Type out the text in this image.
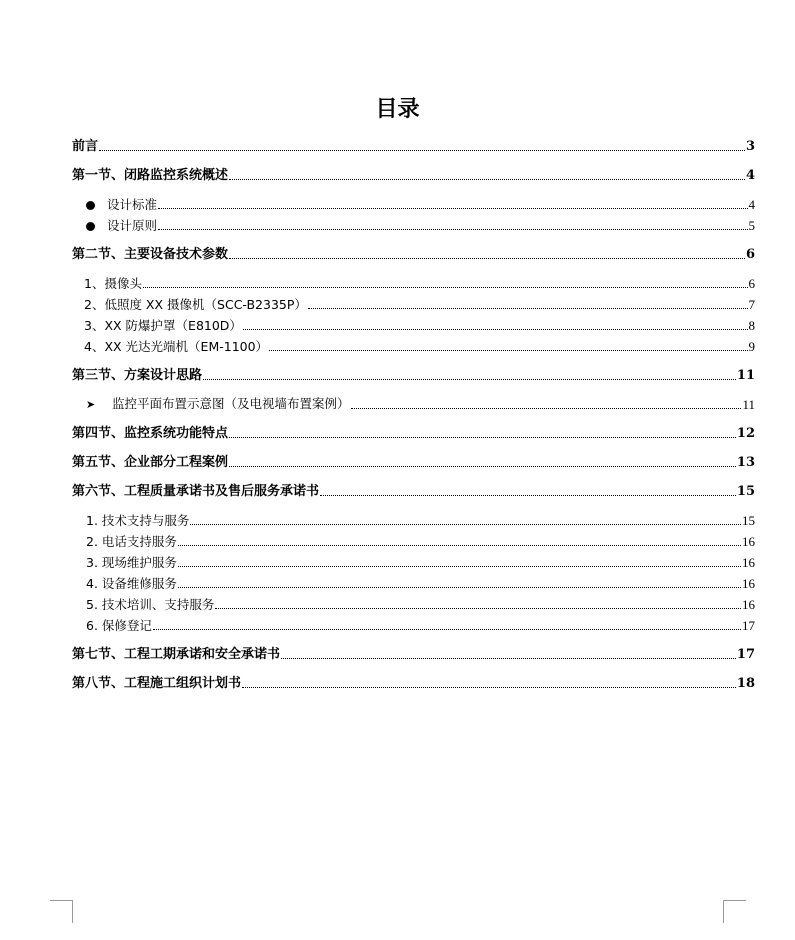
目录
前言	3
第一节、闭路监控系统概述	4
设计标准	4
设计原则	5
第二节、主要设备技术参数	6
1、摄像头	6
2、低照度 XX 摄像机（SCC-B2335P）	7
3、XX 防爆护罩（E810D）	8
4、XX 光达光端机（EM-1100）	9
第三节、方案设计思路	11
➤ 监控平面布置示意图（及电视墙布置案例）	11
第四节、监控系统功能特点	12
第五节、企业部分工程案例	13
第六节、工程质量承诺书及售后服务承诺书	15
1. 技术支持与服务	15
2. 电话支持服务	16
3. 现场维护服务	16
4. 设备维修服务	16
5. 技术培训、支持服务	16
6. 保修登记	17
第七节、工程工期承诺和安全承诺书	17
第八节、工程施工组织计划书	18
